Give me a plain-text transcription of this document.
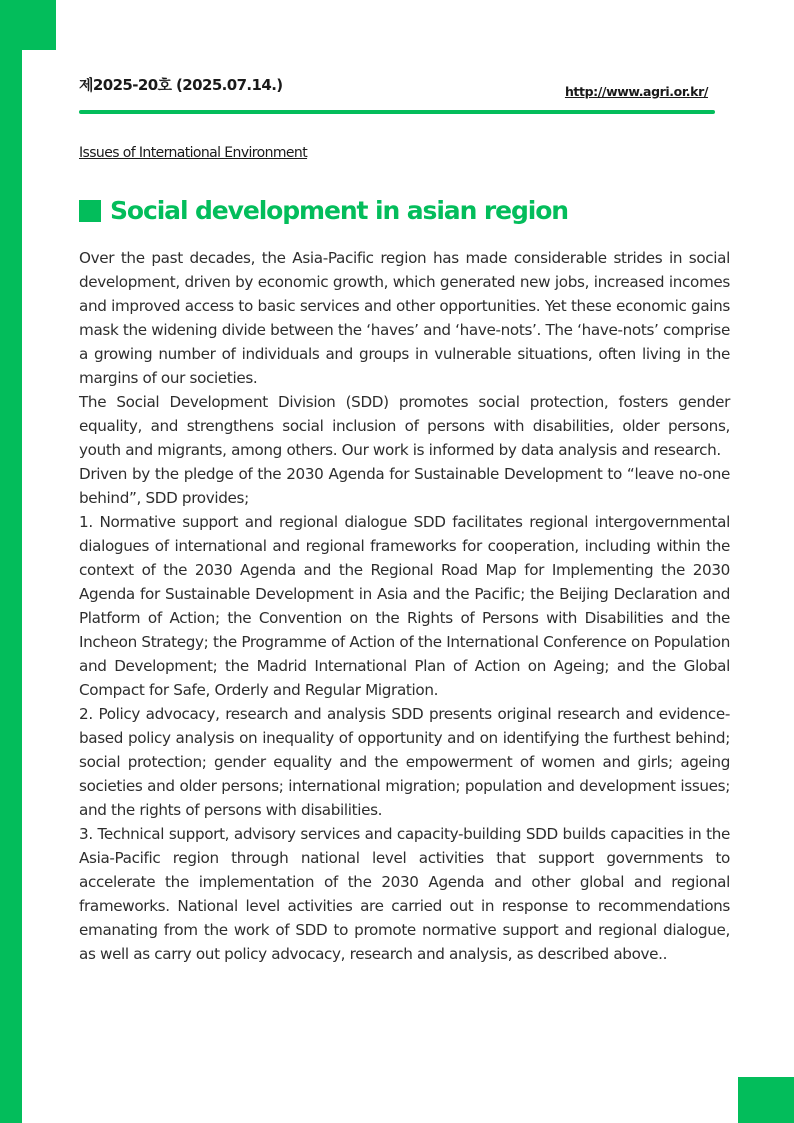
제2025-20호 (2025.07.14.)	http://www.agri.or.kr/
Issues of International Environment
Social development in asian region

Over the past decades, the Asia-Pacific region has made considerable strides in social development, driven by economic growth, which generated new jobs, increased incomes and improved access to basic services and other opportunities. Yet these economic gains mask the widening divide between the ‘haves’ and ‘have-nots’. The ‘have-nots’ comprise a growing number of individuals and groups in vulnerable situations, often living in the margins of our societies.

The Social Development Division (SDD) promotes social protection, fosters gender equality, and strengthens social inclusion of persons with disabilities, older persons, youth and migrants, among others. Our work is informed by data analysis and research.

Driven by the pledge of the 2030 Agenda for Sustainable Development to “leave no-one behind”, SDD provides;

1. Normative support and regional dialogue SDD facilitates regional intergovernmental dialogues of international and regional frameworks for cooperation, including within the context of the 2030 Agenda and the Regional Road Map for Implementing the 2030 Agenda for Sustainable Development in Asia and the Pacific; the Beijing Declaration and Platform of Action; the Convention on the Rights of Persons with Disabilities and the Incheon Strategy; the Programme of Action of the International Conference on Population and Development; the Madrid International Plan of Action on Ageing; and the Global Compact for Safe, Orderly and Regular Migration.

2. Policy advocacy, research and analysis SDD presents original research and evidence-based policy analysis on inequality of opportunity and on identifying the furthest behind; social protection; gender equality and the empowerment of women and girls; ageing societies and older persons; international migration; population and development issues; and the rights of persons with disabilities.

3. Technical support, advisory services and capacity-building SDD builds capacities in the Asia-Pacific region through national level activities that support governments to accelerate the implementation of the 2030 Agenda and other global and regional frameworks. National level activities are carried out in response to recommendations emanating from the work of SDD to promote normative support and regional dialogue, as well as carry out policy advocacy, research and analysis, as described above..
